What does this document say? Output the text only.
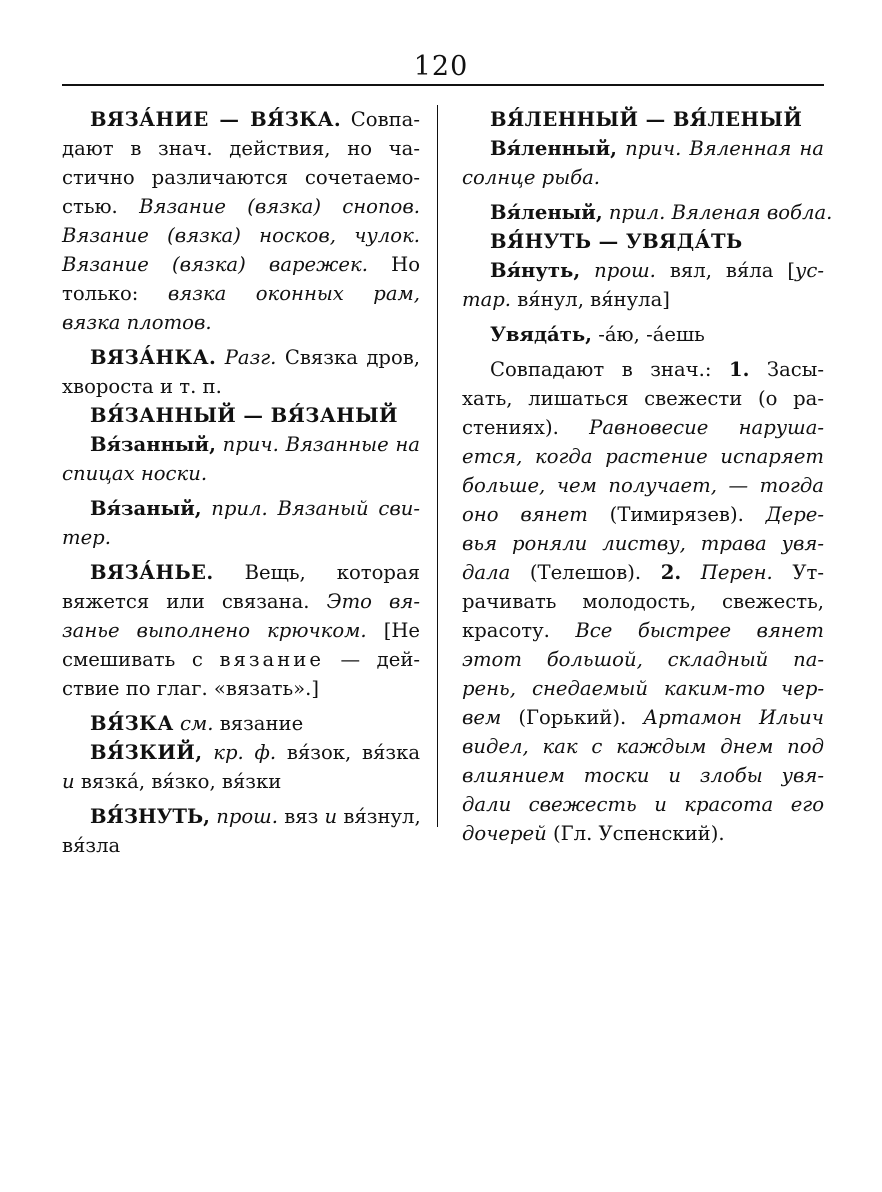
120
ВЯЗА́НИЕ — ВЯ́ЗКА. Совпа-
дают в знач. действия, но ча-
стично различаются сочетаемо-
стью. Вязание (вязка) снопов.
Вязание (вязка) носков, чулок.
Вязание (вязка) варежек. Но
только: вязка оконных рам,
вязка плотов.
ВЯЗА́НКА. Разг. Связка дров,
хвороста и т. п.
ВЯ́ЗАННЫЙ — ВЯ́ЗАНЫЙ
Вя́занный, прич. Вязанные на
спицах носки.
Вя́заный, прил. Вязаный сви-
тер.
ВЯЗА́НЬЕ. Вещь, которая
вяжется или связана. Это вя-
занье выполнено крючком. [Не
смешивать с вязание — дей-
ствие по глаг. «вязать».]
ВЯ́ЗКА см. вязание
ВЯ́ЗКИЙ, кр. ф. вя́зок, вя́зка
и вязка́, вя́зко, вя́зки
ВЯ́ЗНУТЬ, прош. вяз и вя́знул,
вя́зла
ВЯ́ЛЕННЫЙ — ВЯ́ЛЕНЫЙ
Вя́ленный, прич. Вяленная на
солнце рыба.
Вя́леный, прил. Вяленая вобла.
ВЯ́НУТЬ — УВЯДА́ТЬ
Вя́нуть, прош. вял, вя́ла [ус-
тар. вя́нул, вя́нула]
Увяда́ть, -а́ю, -а́ешь
Совпадают в знач.: 1. Засы-
хать, лишаться свежести (о ра-
стениях). Равновесие наруша-
ется, когда растение испаряет
больше, чем получает, — тогда
оно вянет (Тимирязев). Дере-
вья роняли листву, трава увя-
дала (Телешов). 2. Перен. Ут-
рачивать молодость, свежесть,
красоту. Все быстрее вянет
этот большой, складный па-
рень, снедаемый каким-то чер-
вем (Горький). Артамон Ильич
видел, как с каждым днем под
влиянием тоски и злобы увя-
дали свежесть и красота его
дочерей (Гл. Успенский).
